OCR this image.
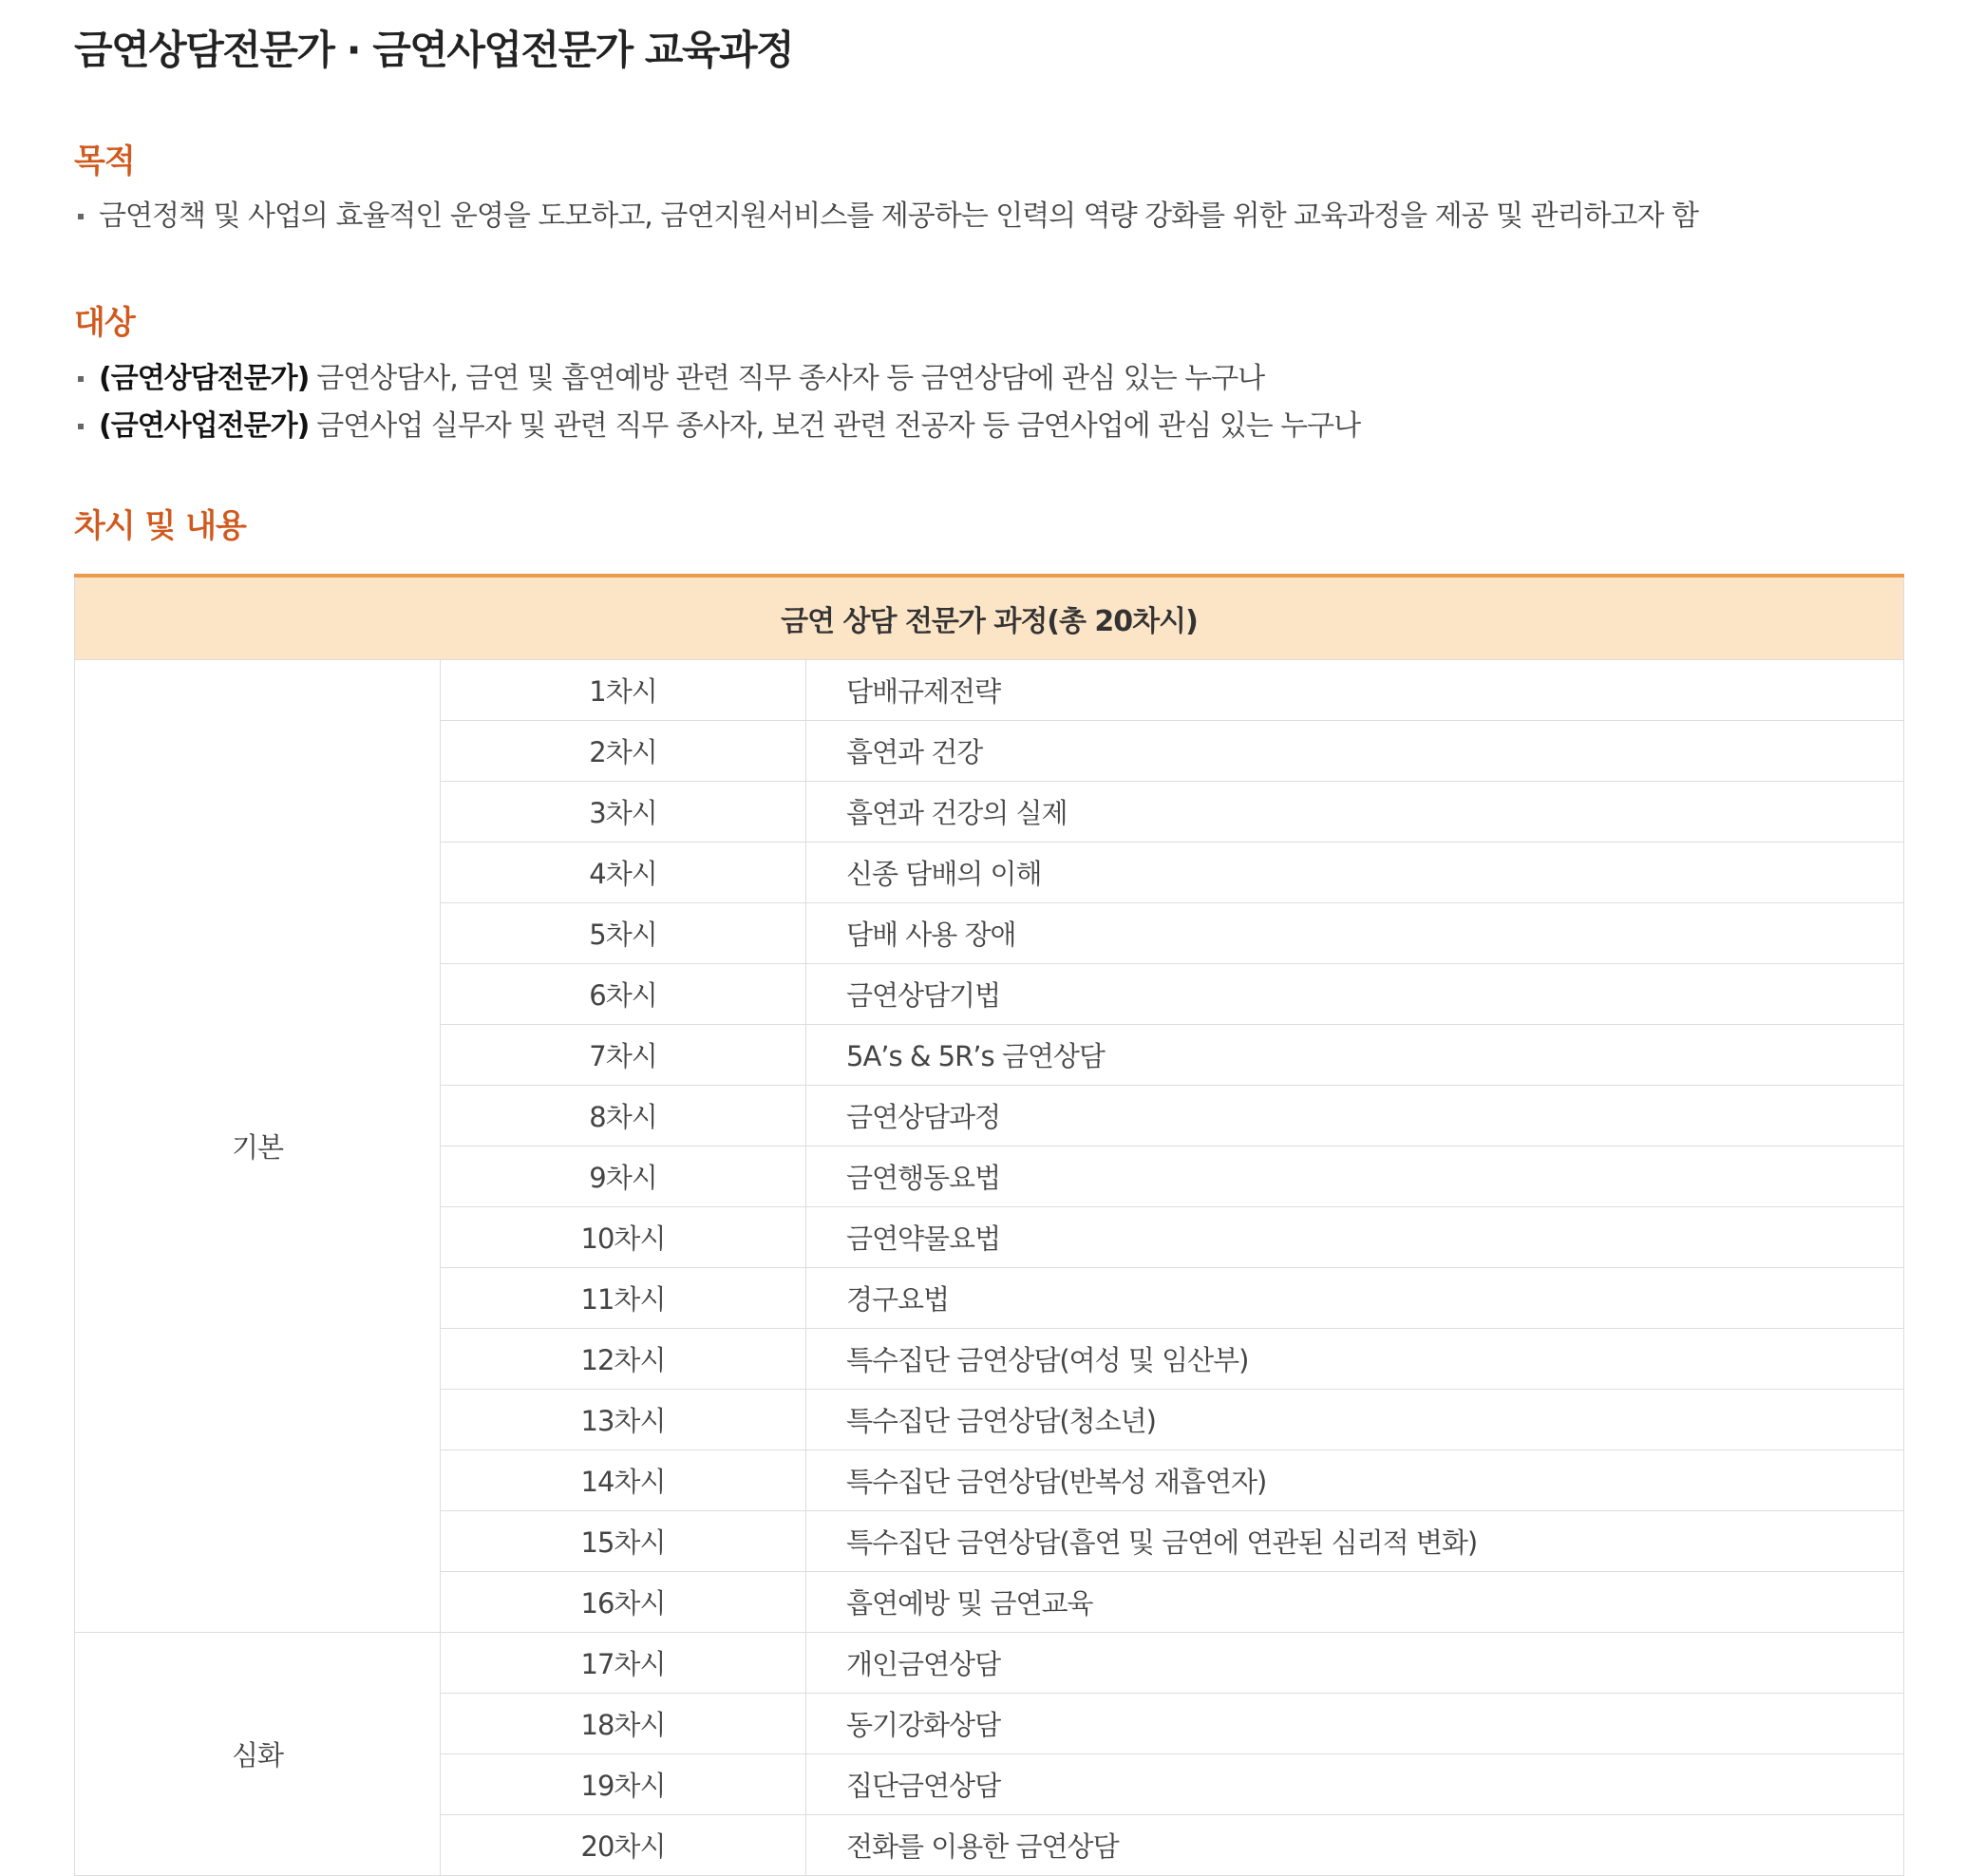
금연상담전문가 · 금연사업전문가 교육과정
목적
금연정책 및 사업의 효율적인 운영을 도모하고, 금연지원서비스를 제공하는 인력의 역량 강화를 위한 교육과정을 제공 및 관리하고자 함
대상
(금연상담전문가) 금연상담사, 금연 및 흡연예방 관련 직무 종사자 등 금연상담에 관심 있는 누구나
(금연사업전문가) 금연사업 실무자 및 관련 직무 종사자, 보건 관련 전공자 등 금연사업에 관심 있는 누구나
차시 및 내용
금연 상담 전문가 과정(총 20차시)		
기본	1차시	담배규제전략
	2차시	흡연과 건강
	3차시	흡연과 건강의 실제
	4차시	신종 담배의 이해
	5차시	담배 사용 장애
	6차시	금연상담기법
	7차시	5A’s & 5R’s 금연상담
	8차시	금연상담과정
	9차시	금연행동요법
	10차시	금연약물요법
	11차시	경구요법
	12차시	특수집단 금연상담(여성 및 임산부)
	13차시	특수집단 금연상담(청소년)
	14차시	특수집단 금연상담(반복성 재흡연자)
	15차시	특수집단 금연상담(흡연 및 금연에 연관된 심리적 변화)
	16차시	흡연예방 및 금연교육
심화	17차시	개인금연상담
	18차시	동기강화상담
	19차시	집단금연상담
	20차시	전화를 이용한 금연상담
